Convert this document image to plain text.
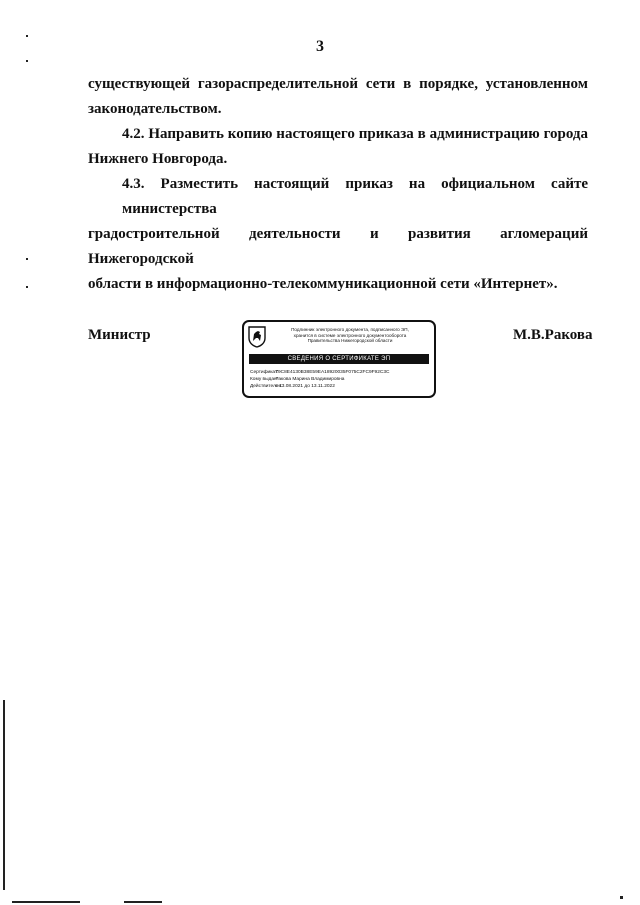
3
существующей газораспределительной сети в порядке, установленном
законодательством.
4.2. Направить копию настоящего приказа в администрацию города
Нижнего Новгорода.
4.3. Разместить настоящий приказ на официальном сайте министерства
градостроительной деятельности и развития агломераций Нижегородской
области в информационно-телекоммуникационной сети «Интернет».
Министр	М.В.Ракова
Подлинник электронного документа, подписанного ЭП,
хранится в системе электронного документооборота
Правительства Нижегородской области
СВЕДЕНИЯ О СЕРТИФИКАТЕ ЭП
Сертификат: 79C8E4130B38E59EA18920035F075C2FC9F92C3C
Кому выдан: Ракова Марина Владимировна
Действителен: с 13.08.2021 до 13.11.2022
